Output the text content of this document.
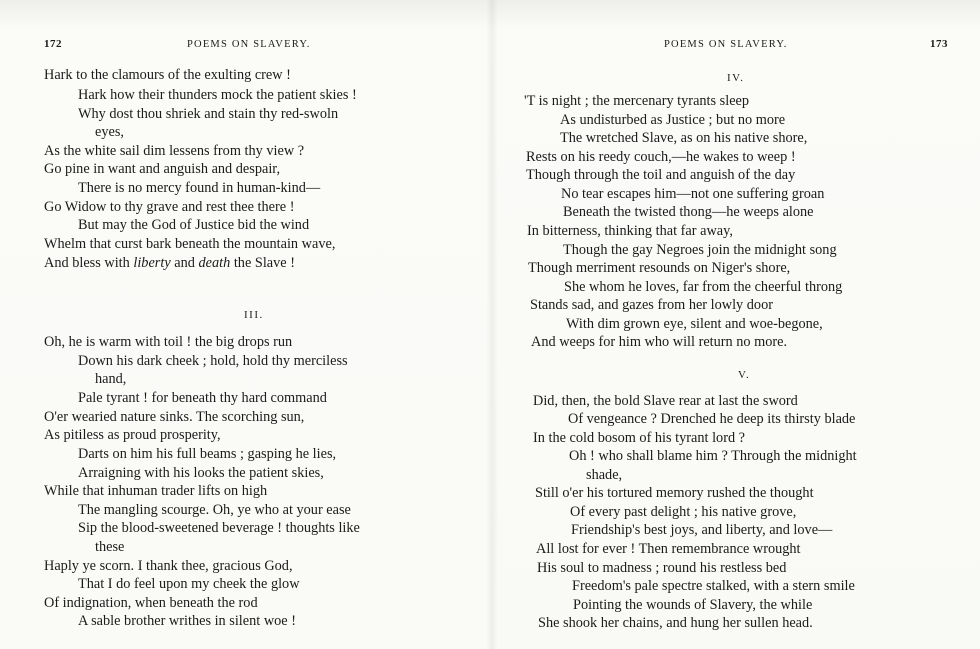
172	POEMS ON SLAVERY.
Hark to the clamours of the exulting crew !
Hark how their thunders mock the patient skies !
Why dost thou shriek and stain thy red-swoln
eyes,
As the white sail dim lessens from thy view ?
Go pine in want and anguish and despair,
There is no mercy found in human-kind—
Go Widow to thy grave and rest thee there !
But may the God of Justice bid the wind
Whelm that curst bark beneath the mountain wave,
And bless with liberty and death the Slave !
III.
Oh, he is warm with toil ! the big drops run
Down his dark cheek ; hold, hold thy merciless
hand,
Pale tyrant ! for beneath thy hard command
O'er wearied nature sinks. The scorching sun,
As pitiless as proud prosperity,
Darts on him his full beams ; gasping he lies,
Arraigning with his looks the patient skies,
While that inhuman trader lifts on high
The mangling scourge. Oh, ye who at your ease
Sip the blood-sweetened beverage ! thoughts like
these
Haply ye scorn. I thank thee, gracious God,
That I do feel upon my cheek the glow
Of indignation, when beneath the rod
A sable brother writhes in silent woe !
POEMS ON SLAVERY.	173
IV.
'T is night ; the mercenary tyrants sleep
As undisturbed as Justice ; but no more
The wretched Slave, as on his native shore,
Rests on his reedy couch,—he wakes to weep !
Though through the toil and anguish of the day
No tear escapes him—not one suffering groan
Beneath the twisted thong—he weeps alone
In bitterness, thinking that far away,
Though the gay Negroes join the midnight song
Though merriment resounds on Niger's shore,
She whom he loves, far from the cheerful throng
Stands sad, and gazes from her lowly door
With dim grown eye, silent and woe-begone,
And weeps for him who will return no more.
V.
Did, then, the bold Slave rear at last the sword
Of vengeance ? Drenched he deep its thirsty blade
In the cold bosom of his tyrant lord ?
Oh ! who shall blame him ? Through the midnight
shade,
Still o'er his tortured memory rushed the thought
Of every past delight ; his native grove,
Friendship's best joys, and liberty, and love—
All lost for ever ! Then remembrance wrought
His soul to madness ; round his restless bed
Freedom's pale spectre stalked, with a stern smile
Pointing the wounds of Slavery, the while
She shook her chains, and hung her sullen head.
